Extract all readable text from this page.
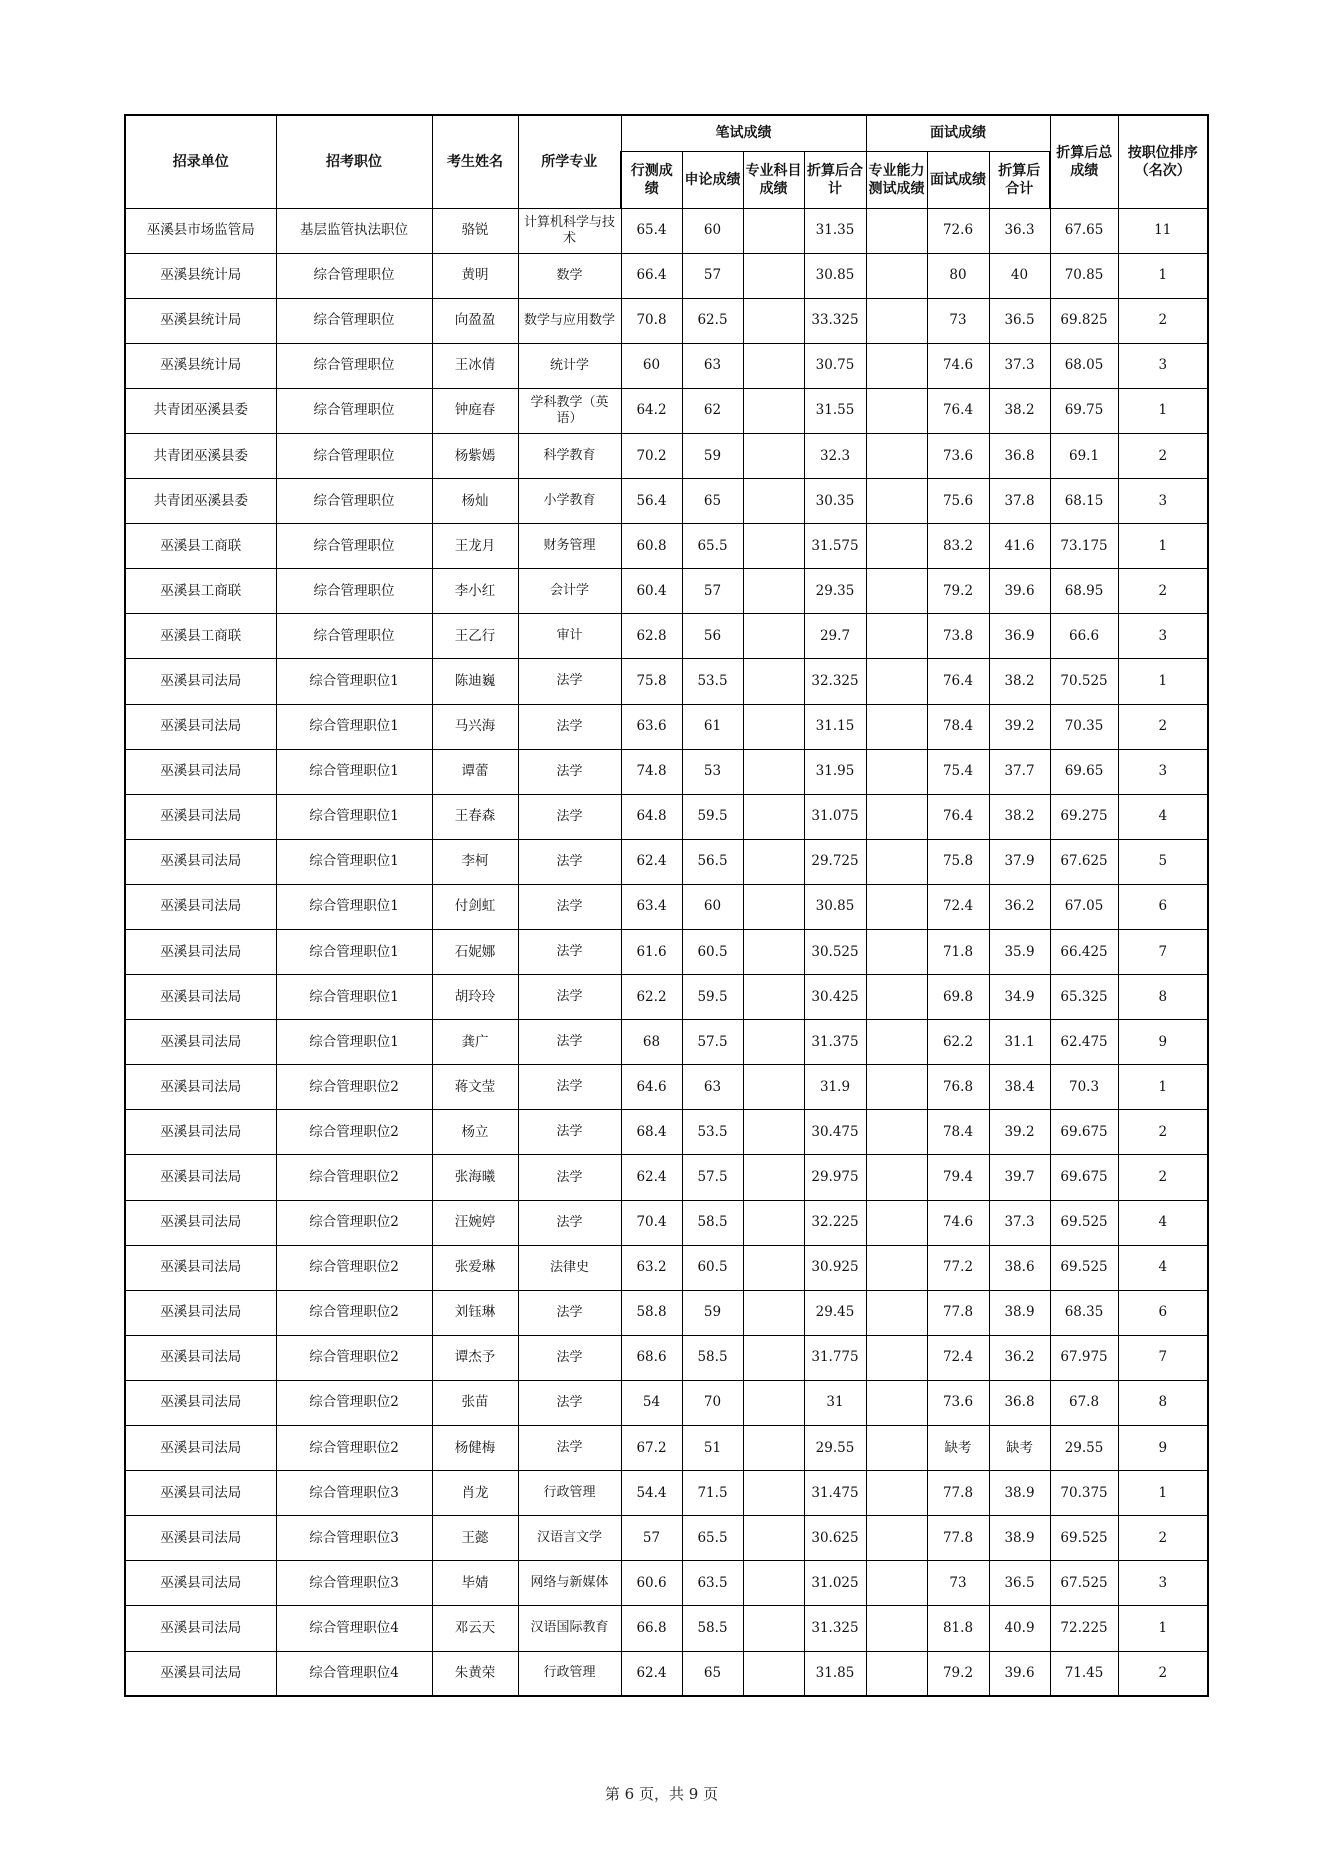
招录单位	招考职位	考生姓名	所学专业	笔试成绩				面试成绩			折算后总成绩	按职位排序（名次）
				行测成绩	申论成绩	专业科目成绩	折算后合计	专业能力测试成绩	面试成绩	折算后合计		
巫溪县市场监管局	基层监管执法职位	骆锐	计算机科学与技术	65.4	60		31.35		72.6	36.3	67.65	11
巫溪县统计局	综合管理职位	黄明	数学	66.4	57		30.85		80	40	70.85	1
巫溪县统计局	综合管理职位	向盈盈	数学与应用数学	70.8	62.5		33.325		73	36.5	69.825	2
巫溪县统计局	综合管理职位	王冰倩	统计学	60	63		30.75		74.6	37.3	68.05	3
共青团巫溪县委	综合管理职位	钟庭春	学科教学（英语）	64.2	62		31.55		76.4	38.2	69.75	1
共青团巫溪县委	综合管理职位	杨紫嫣	科学教育	70.2	59		32.3		73.6	36.8	69.1	2
共青团巫溪县委	综合管理职位	杨灿	小学教育	56.4	65		30.35		75.6	37.8	68.15	3
巫溪县工商联	综合管理职位	王龙月	财务管理	60.8	65.5		31.575		83.2	41.6	73.175	1
巫溪县工商联	综合管理职位	李小红	会计学	60.4	57		29.35		79.2	39.6	68.95	2
巫溪县工商联	综合管理职位	王乙行	审计	62.8	56		29.7		73.8	36.9	66.6	3
巫溪县司法局	综合管理职位1	陈迪巍	法学	75.8	53.5		32.325		76.4	38.2	70.525	1
巫溪县司法局	综合管理职位1	马兴海	法学	63.6	61		31.15		78.4	39.2	70.35	2
巫溪县司法局	综合管理职位1	谭蕾	法学	74.8	53		31.95		75.4	37.7	69.65	3
巫溪县司法局	综合管理职位1	王春森	法学	64.8	59.5		31.075		76.4	38.2	69.275	4
巫溪县司法局	综合管理职位1	李柯	法学	62.4	56.5		29.725		75.8	37.9	67.625	5
巫溪县司法局	综合管理职位1	付剑虹	法学	63.4	60		30.85		72.4	36.2	67.05	6
巫溪县司法局	综合管理职位1	石妮娜	法学	61.6	60.5		30.525		71.8	35.9	66.425	7
巫溪县司法局	综合管理职位1	胡玲玲	法学	62.2	59.5		30.425		69.8	34.9	65.325	8
巫溪县司法局	综合管理职位1	龚广	法学	68	57.5		31.375		62.2	31.1	62.475	9
巫溪县司法局	综合管理职位2	蒋文莹	法学	64.6	63		31.9		76.8	38.4	70.3	1
巫溪县司法局	综合管理职位2	杨立	法学	68.4	53.5		30.475		78.4	39.2	69.675	2
巫溪县司法局	综合管理职位2	张海曦	法学	62.4	57.5		29.975		79.4	39.7	69.675	2
巫溪县司法局	综合管理职位2	汪婉婷	法学	70.4	58.5		32.225		74.6	37.3	69.525	4
巫溪县司法局	综合管理职位2	张爱琳	法律史	63.2	60.5		30.925		77.2	38.6	69.525	4
巫溪县司法局	综合管理职位2	刘钰琳	法学	58.8	59		29.45		77.8	38.9	68.35	6
巫溪县司法局	综合管理职位2	谭杰予	法学	68.6	58.5		31.775		72.4	36.2	67.975	7
巫溪县司法局	综合管理职位2	张苗	法学	54	70		31		73.6	36.8	67.8	8
巫溪县司法局	综合管理职位2	杨健梅	法学	67.2	51		29.55		缺考	缺考	29.55	9
巫溪县司法局	综合管理职位3	肖龙	行政管理	54.4	71.5		31.475		77.8	38.9	70.375	1
巫溪县司法局	综合管理职位3	王懿	汉语言文学	57	65.5		30.625		77.8	38.9	69.525	2
巫溪县司法局	综合管理职位3	毕婧	网络与新媒体	60.6	63.5		31.025		73	36.5	67.525	3
巫溪县司法局	综合管理职位4	邓云天	汉语国际教育	66.8	58.5		31.325		81.8	40.9	72.225	1
巫溪县司法局	综合管理职位4	朱黄荣	行政管理	62.4	65		31.85		79.2	39.6	71.45	2
第 6 页，共 9 页
